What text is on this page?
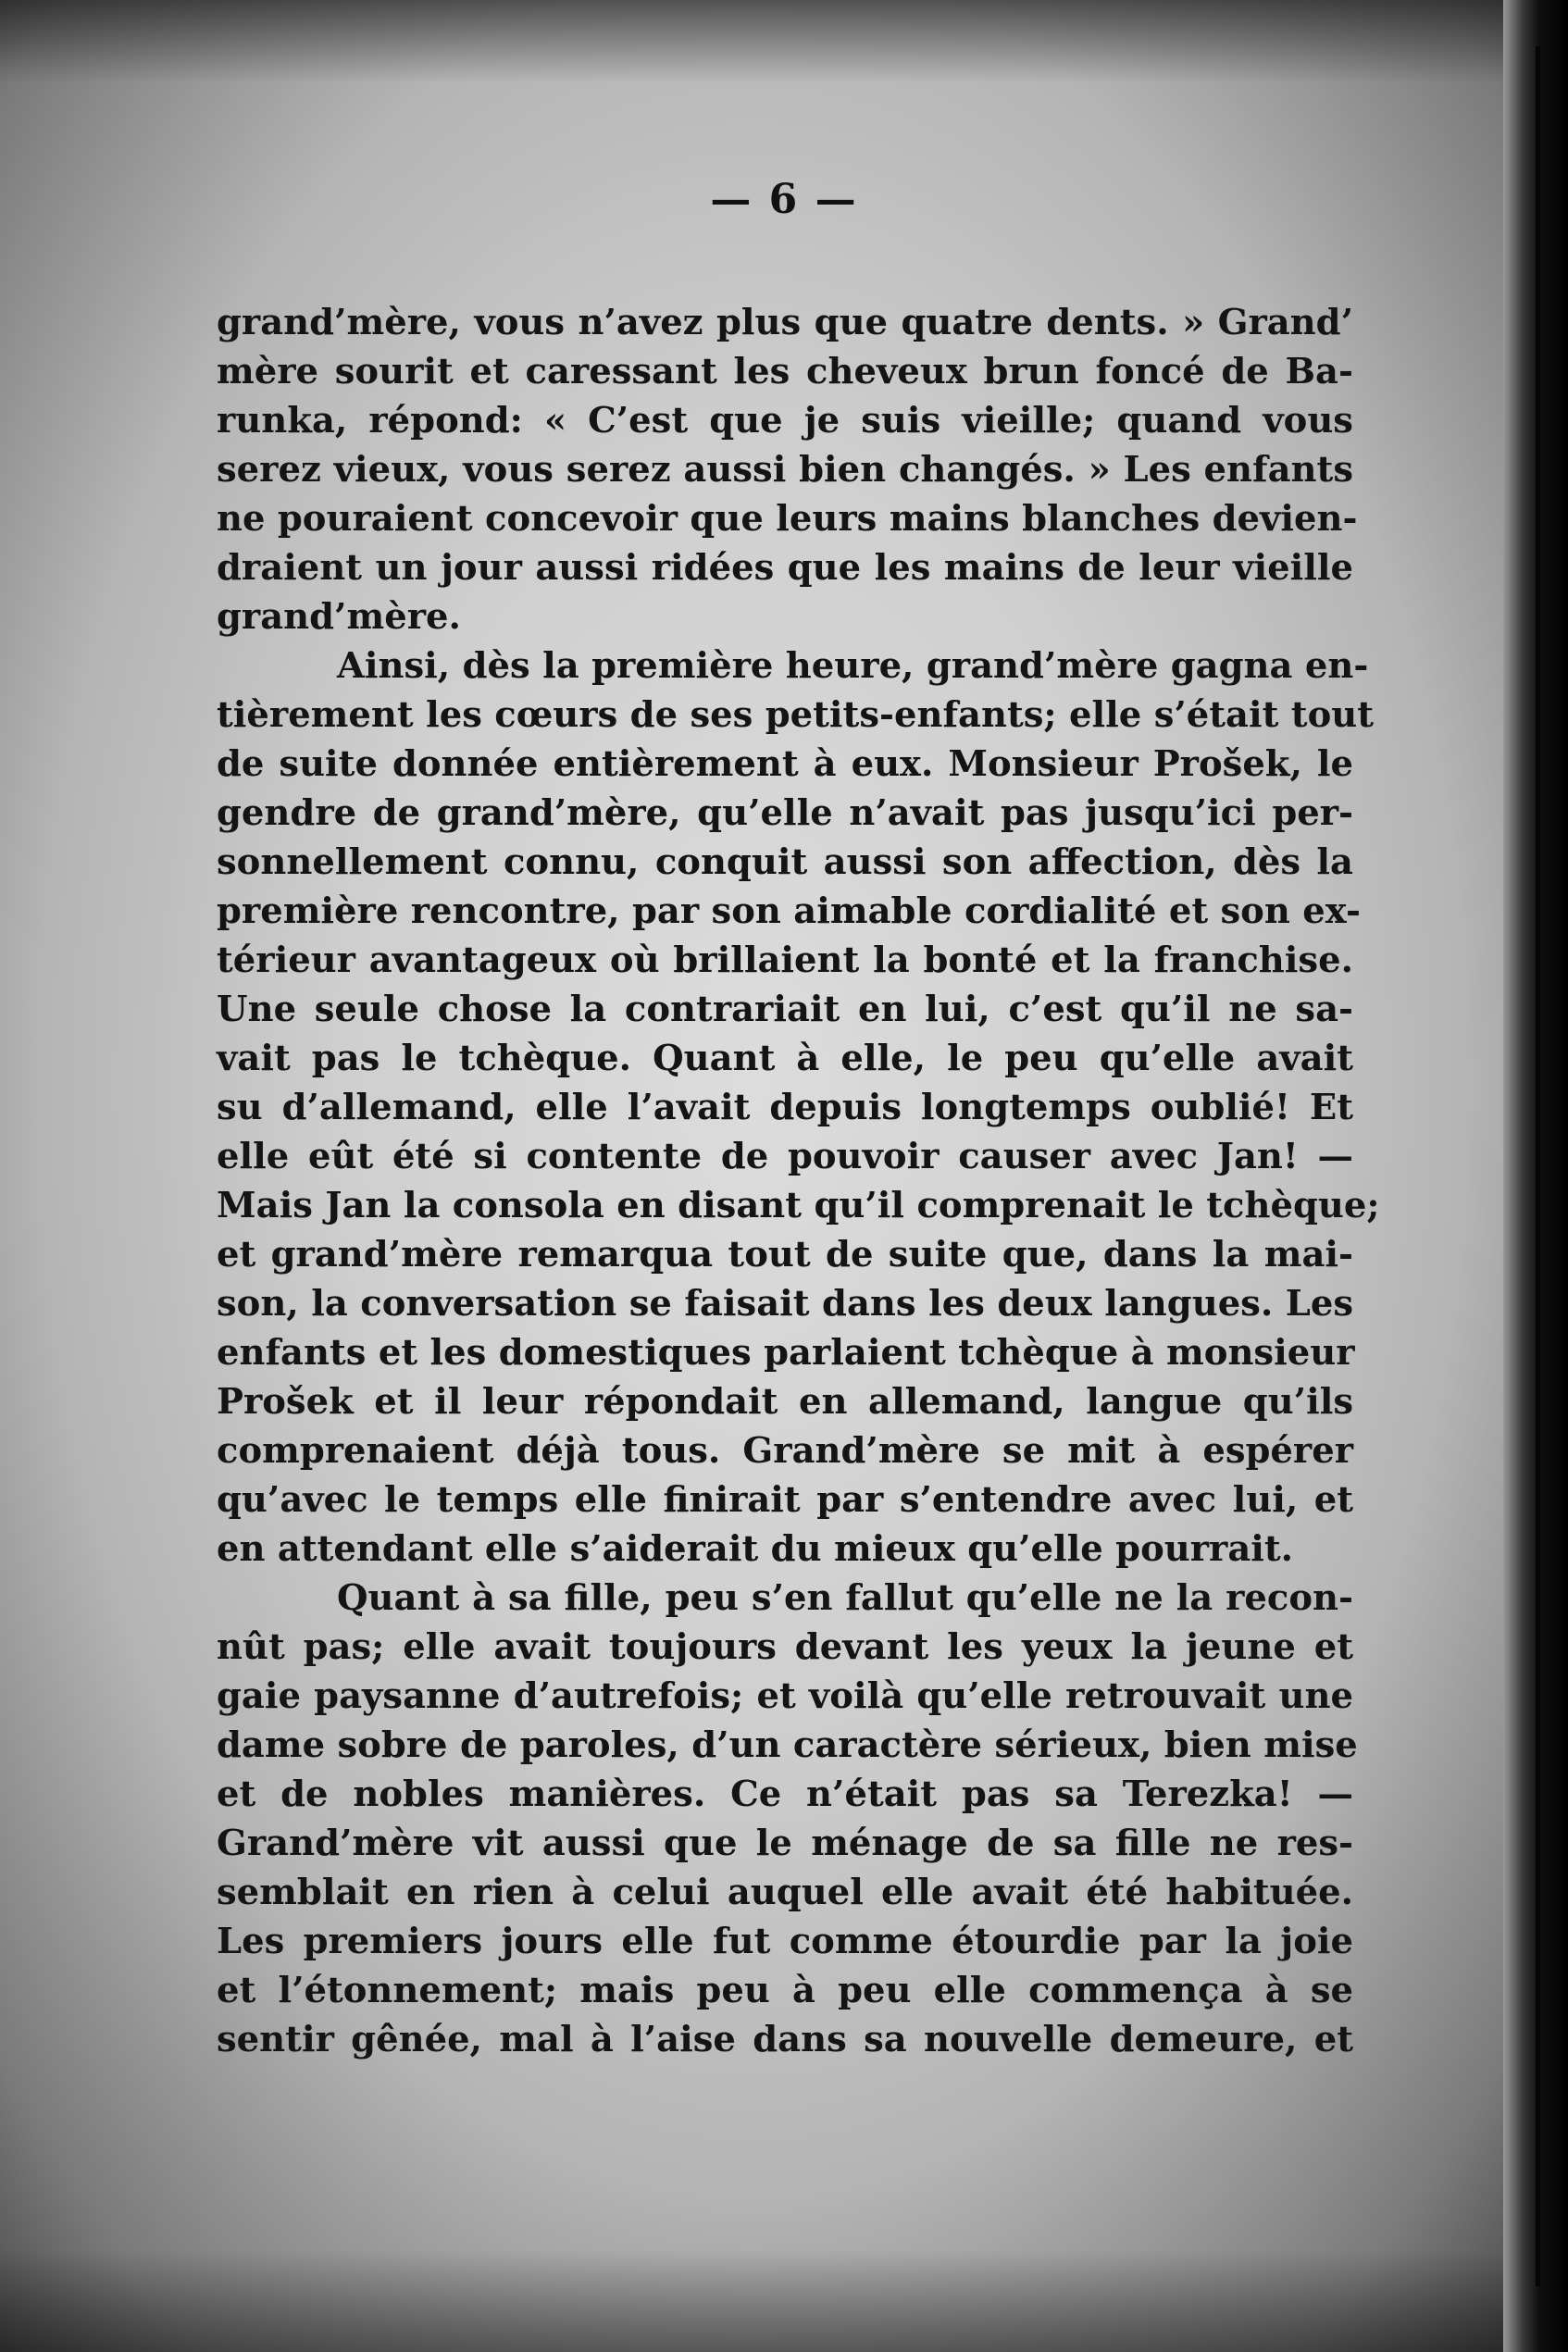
— 6 —
grand’mère, vous n’avez plus que quatre dents. » Grand’
mère sourit et caressant les cheveux brun foncé de Ba-
runka, répond: « C’est que je suis vieille; quand vous
serez vieux, vous serez aussi bien changés. » Les enfants
ne pouraient concevoir que leurs mains blanches devien-
draient un jour aussi ridées que les mains de leur vieille
grand’mère.
Ainsi, dès la première heure, grand’mère gagna en-
tièrement les cœurs de ses petits-enfants; elle s’était tout
de suite donnée entièrement à eux. Monsieur Prošek, le
gendre de grand’mère, qu’elle n’avait pas jusqu’ici per-
sonnellement connu, conquit aussi son affection, dès la
première rencontre, par son aimable cordialité et son ex-
térieur avantageux où brillaient la bonté et la franchise.
Une seule chose la contrariait en lui, c’est qu’il ne sa-
vait pas le tchèque. Quant à elle, le peu qu’elle avait
su d’allemand, elle l’avait depuis longtemps oublié! Et
elle eût été si contente de pouvoir causer avec Jan! —
Mais Jan la consola en disant qu’il comprenait le tchèque;
et grand’mère remarqua tout de suite que, dans la mai-
son, la conversation se faisait dans les deux langues. Les
enfants et les domestiques parlaient tchèque à monsieur
Prošek et il leur répondait en allemand, langue qu’ils
comprenaient déjà tous. Grand’mère se mit à espérer
qu’avec le temps elle finirait par s’entendre avec lui, et
en attendant elle s’aiderait du mieux qu’elle pourrait.
Quant à sa fille, peu s’en fallut qu’elle ne la recon-
nût pas; elle avait toujours devant les yeux la jeune et
gaie paysanne d’autrefois; et voilà qu’elle retrouvait une
dame sobre de paroles, d’un caractère sérieux, bien mise
et de nobles manières. Ce n’était pas sa Terezka! —
Grand’mère vit aussi que le ménage de sa fille ne res-
semblait en rien à celui auquel elle avait été habituée.
Les premiers jours elle fut comme étourdie par la joie
et l’étonnement; mais peu à peu elle commença à se
sentir gênée, mal à l’aise dans sa nouvelle demeure, et
